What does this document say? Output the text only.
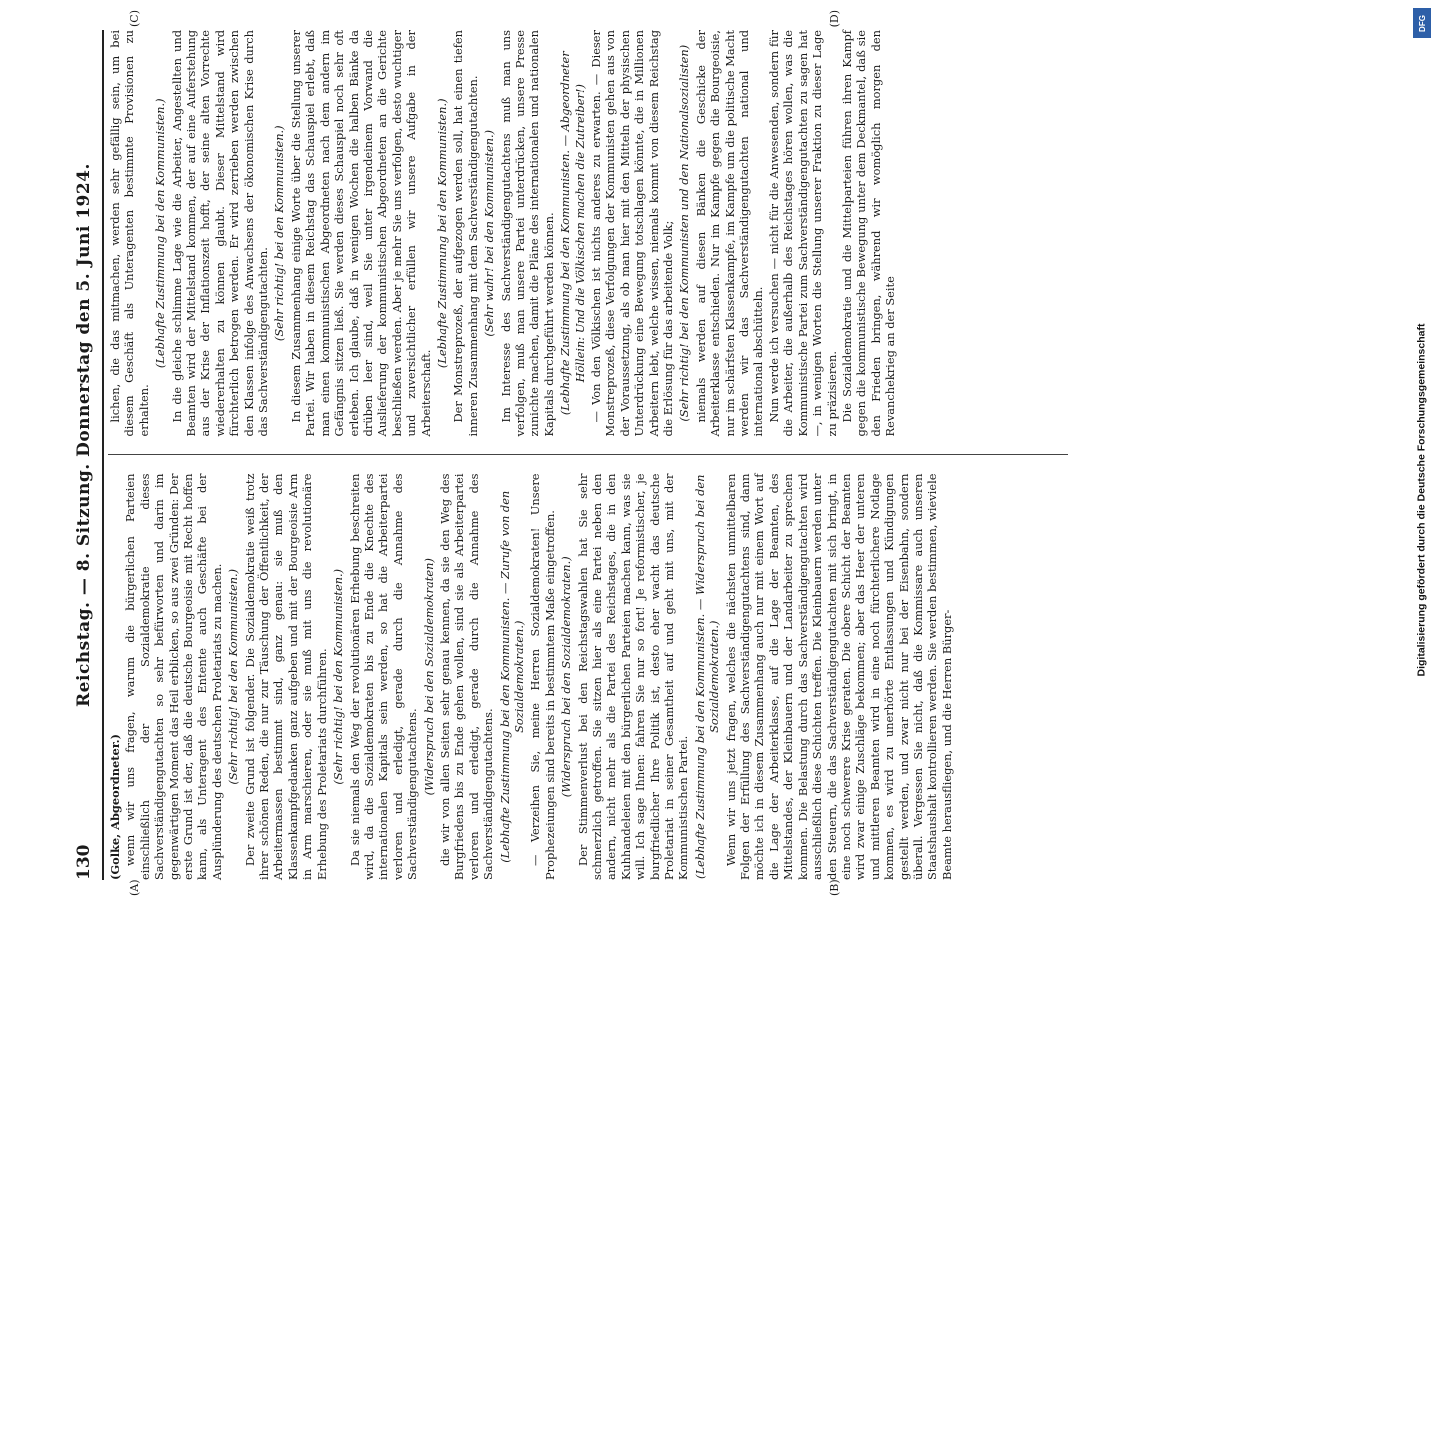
130
Reichstag. — 8. Sitzung. Donnerstag den 5. Juni 1924.

(Golke, Abgeordneter.) wenn wir uns fragen, warum die bürgerlichen Parteien einschließlich der Sozialdemokratie dieses Sachverständigengutachten so sehr befürworten und darin im gegenwärtigen Moment das Heil erblicken, so aus zwei Gründen: Der erste Grund ist der, daß die deutsche Bourgeoisie mit Recht hoffen kann, als Unteragent des Entente auch Geschäfte bei der Ausplünderung des deutschen Proletariats zu machen. (Sehr richtig! bei den Kommunisten.) Der zweite Grund ist folgender. Die Sozialdemokratie weiß trotz ihrer schönen Reden, die nur zur Täuschung der Öffentlichkeit, der Arbeitermassen bestimmt sind, ganz genau: sie muß den Klassenkampfgedanken ganz aufgeben und mit der Bourgeoisie Arm in Arm marschieren, oder sie muß mit uns die revolutionäre Erhebung des Proletariats durchführen. (Sehr richtig! bei den Kommunisten.) Da sie niemals den Weg der revolutionären Erhebung beschreiten wird, da die Sozialdemokraten bis zu Ende die Knechte des internationalen Kapitals sein werden, so hat die Arbeiterpartei verloren und erledigt, gerade durch die Annahme des Sachverständigengutachtens. (Widerspruch bei den Sozialdemokraten) die wir von allen Seiten sehr genau kennen, da sie den Weg des Burgfriedens bis zu Ende gehen wollen, sind sie als Arbeiterpartei verloren und erledigt, gerade durch die Annahme des Sachverständigengutachtens. (Lebhafte Zustimmung bei den Kommunisten. — Zurufe von den Sozialdemokraten.) — Verzeihen Sie, meine Herren Sozialdemokraten! Unsere Prophezeiungen sind bereits in bestimmtem Maße eingetroffen. (Widerspruch bei den Sozialdemokraten.) Der Stimmenverlust bei den Reichstagswahlen hat Sie sehr schmerzlich getroffen. Sie sitzen hier als eine Partei neben den andern, nicht mehr als die Partei des Reichstages, die in den Kuhhandeleien mit den bürgerlichen Parteien machen kann, was sie will. Ich sage Ihnen: fahren Sie nur so fort! Je reformistischer, je burgfriedlicher Ihre Politik ist, desto eher wacht das deutsche Proletariat in seiner Gesamtheit auf und geht mit uns, mit der Kommunistischen Partei. (Lebhafte Zustimmung bei den Kommunisten. — Widerspruch bei den Sozialdemokraten.) Wenn wir uns jetzt fragen, welches die nächsten unmittelbaren Folgen der Erfüllung des Sachverständigengutachtens sind, dann möchte ich in diesem Zusammenhang auch nur mit einem Wort auf die Lage der Arbeiterklasse, auf die Lage der Beamten, des Mittelstandes, der Kleinbauern und der Landarbeiter zu sprechen kommen. Die Belastung durch das Sachverständigengutachten wird ausschließlich diese Schichten treffen. Die Kleinbauern werden unter den Steuern, die das Sachverständigengutachten mit sich bringt, in eine noch schwerere Krise geraten. Die obere Schicht der Beamten wird zwar einige Zuschläge bekommen; aber das Heer der unteren und mittleren Beamten wird in eine noch fürchterlichere Notlage kommen, es wird zu unerhörte Entlassungen und Kündigungen gestellt werden, und zwar nicht nur bei der Eisenbahn, sondern überall. Vergessen Sie nicht, daß die Kommissare auch unseren Staatshaushalt kontrollieren werden. Sie werden bestimmen, wieviele Beamte herausfliegen, und die Herren Bürger-

lichen, die das mitmachen, werden sehr gefällig sein, um bei diesem Geschäft als Unteragenten bestimmte Provisionen zu erhalten.

(Lebhafte Zustimmung bei den Kommunisten.) In die gleiche schlimme Lage wie die Arbeiter, Angestellten und Beamten wird der Mittelstand kommen, der auf eine Auferstehung aus der Krise der Inflationszeit hofft, der seine alten Vorrechte wiedererhalten zu können glaubt. Dieser Mittelstand wird fürchterlich betrogen werden. Er wird zerrieben werden zwischen den Klassen infolge des Anwachsens der ökonomischen Krise durch das Sachverständigengutachten.

(Sehr richtig! bei den Kommunisten.) In diesem Zusammenhang einige Worte über die Stellung unserer Partei. Wir haben in diesem Reichstag das Schauspiel erlebt, daß man einen kommunistischen Abgeordneten nach dem andern im Gefängnis sitzen ließ. Sie werden dieses Schauspiel noch sehr oft erleben. Ich glaube, daß in wenigen Wochen die halben Bänke da drüben leer sind, weil Sie unter irgendeinem Vorwand die Auslieferung der kommunistischen Abgeordneten an die Gerichte beschließen werden. Aber je mehr Sie uns verfolgen, desto wuchtiger und zuversichtlicher erfüllen wir unsere Aufgabe in der Arbeiterschaft.

(Lebhafte Zustimmung bei den Kommunisten.) Der Monstreprozeß, der aufgezogen werden soll, hat einen tiefen inneren Zusammenhang mit dem Sachverständigengutachten. (Sehr wahr! bei den Kommunisten.) Im Interesse des Sachverständigengutachtens muß man uns verfolgen, muß man unsere Partei unterdrücken, unsere Presse zunichte machen, damit die Pläne des internationalen und nationalen Kapitals durchgeführt werden können. (Lebhafte Zustimmung bei den Kommunisten. — Abgeordneter Höllein: Und die Völkischen machen die Zutreiber!) — Von den Völkischen ist nichts anderes zu erwarten. — Dieser Monstreprozeß, diese Verfolgungen der Kommunisten gehen aus von der Voraussetzung, als ob man hier mit den Mitteln der physischen Unterdrückung eine Bewegung totschlagen könnte, die in Millionen Arbeitern lebt, welche wissen, niemals kommt von diesem Reichstag die Erlösung für das arbeitende Volk; (Sehr richtig! bei den Kommunisten und den Nationalsozialisten) niemals werden auf diesen Bänken die Geschicke der Arbeiterklasse entschieden. Nur im Kampfe gegen die Bourgeoisie, nur im schärfsten Klassenkampfe, im Kampfe um die politische Macht werden wir das Sachverständigengutachten national und international abschütteln. Nun werde ich versuchen — nicht für die Anwesenden, sondern für die Arbeiter, die außerhalb des Reichstages hören wollen, was die Kommunistische Partei zum Sachverständigengutachten zu sagen hat —, in wenigen Worten die Stellung unserer Fraktion zu dieser Lage zu präzisieren. Die Sozialdemokratie und die Mittelparteien führen ihren Kampf gegen die kommunistische Bewegung unter dem Deckmantel, daß sie den Frieden bringen, während wir womöglich morgen den Revanchekrieg an der Seite

(A)	(B)
(C)	(D)
Digitalisierung gefördert durch die Deutsche Forschungsgemeinschaft
DFG
